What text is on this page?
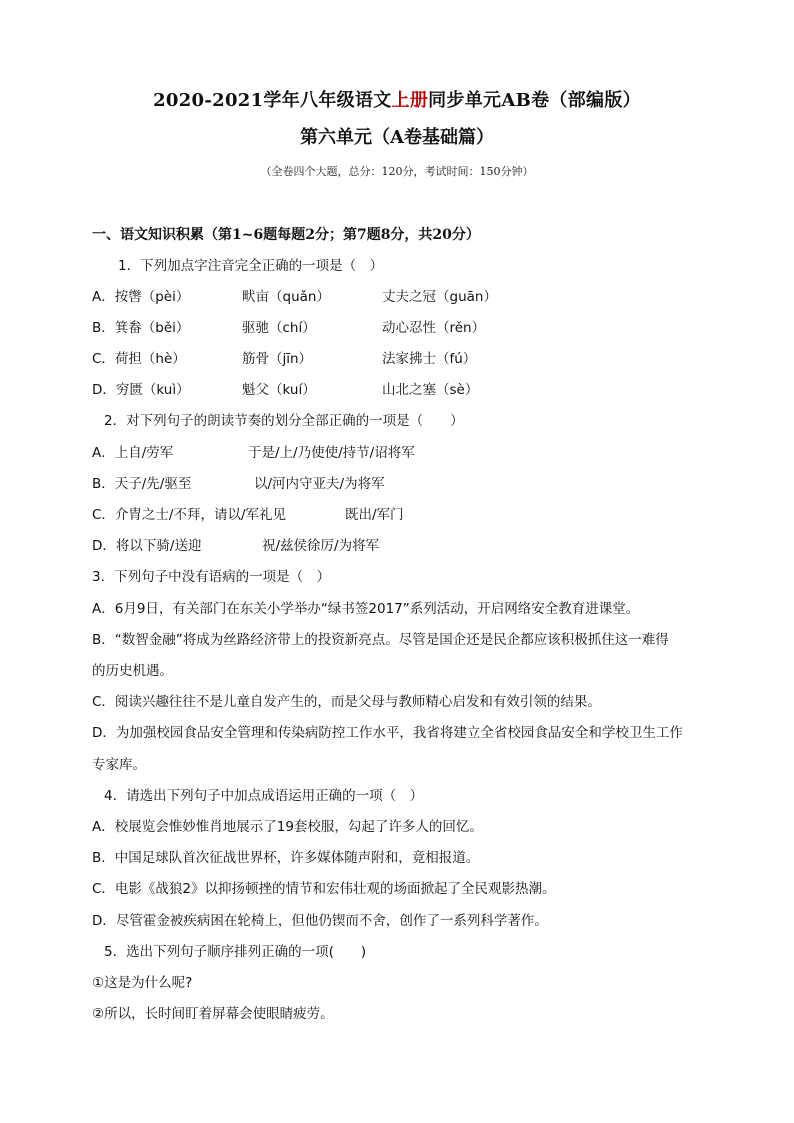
2020-2021学年八年级语文上册同步单元AB卷（部编版）
第六单元（A卷基础篇）
（全卷四个大题，总分：120分，考试时间：150分钟）
一、语文知识积累（第1~6题每题2分；第7题8分，共20分）
1．下列加点字注音完全正确的一项是（　）
A．按辔（pèi）	畎亩（quǎn）	丈夫之冠（guān）
B．箕畚（běi）	驱驰（chí）	动心忍性（rěn）
C．荷担（hè）	筋骨（jīn）	法家拂士（fú）
D．穷匮（kuì）	魁父（kuí）	山北之塞（sè）
2．对下列句子的朗读节奏的划分全部正确的一项是（　　）
A．上自/劳军	于是/上/乃使使/持节/诏将军
B．天子/先/驱至	以/河内守亚夫/为将军
C．介胄之士/不拜，请以/军礼见	既出/军门
D．将以下骑/送迎	祝/兹侯徐厉/为将军
3．下列句子中没有语病的一项是（　）
A．6月9日，有关部门在东关小学举办“绿书签2017”系列活动，开启网络安全教育进课堂。
B．“数智金融”将成为丝路经济带上的投资新亮点。尽管是国企还是民企都应该积极抓住这一难得
的历史机遇。
C．阅读兴趣往往不是儿童自发产生的，而是父母与教师精心启发和有效引领的结果。
D．为加强校园食品安全管理和传染病防控工作水平，我省将建立全省校园食品安全和学校卫生工作
专家库。
4．请选出下列句子中加点成语运用正确的一项（　）
A．校展览会惟妙惟肖地展示了19套校服，勾起了许多人的回忆。
B．中国足球队首次征战世界杯，许多媒体随声附和，竟相报道。
C．电影《战狼2》以抑扬顿挫的情节和宏伟壮观的场面掀起了全民观影热潮。
D．尽管霍金被疾病困在轮椅上，但他仍锲而不舍，创作了一系列科学著作。
5．选出下列句子顺序排列正确的一项(　　)
①这是为什么呢?
②所以，长时间盯着屏幕会使眼睛疲劳。
